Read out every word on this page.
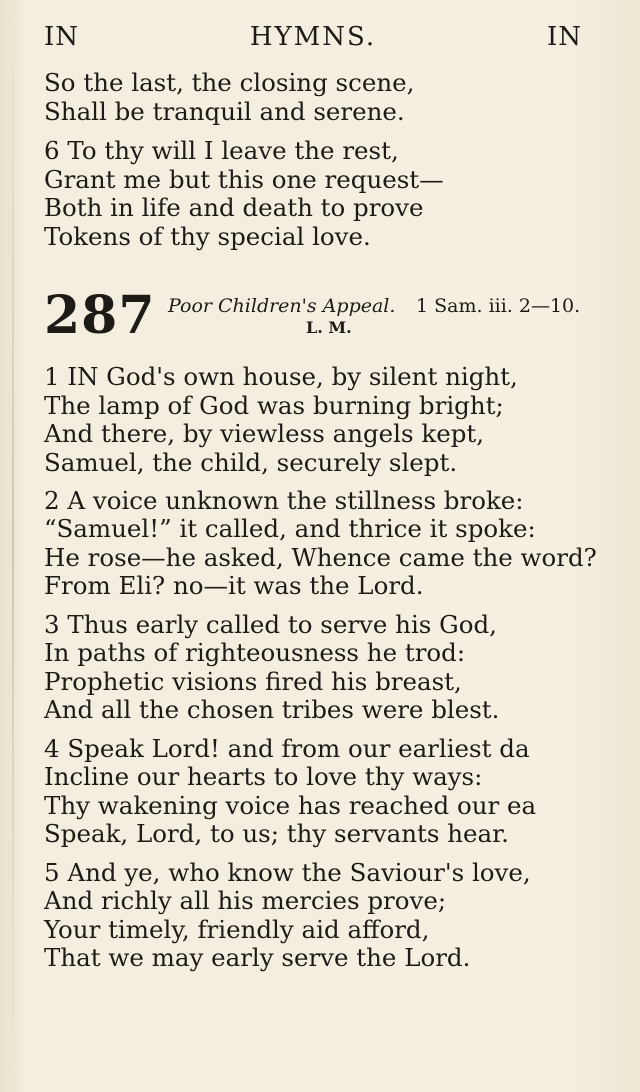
IN	HYMNS.	IN
So the last, the closing scene,
Shall be tranquil and serene.
6 To thy will I leave the rest,
Grant me but this one request—
Both in life and death to prove
Tokens of thy special love.
287 Poor Children's Appeal. 1 Sam. iii. 2—10.
L. M.
1 IN God's own house, by silent night,
The lamp of God was burning bright;
And there, by viewless angels kept,
Samuel, the child, securely slept.
2 A voice unknown the stillness broke:
“Samuel!” it called, and thrice it spoke:
He rose—he asked, Whence came the word?
From Eli? no—it was the Lord.
3 Thus early called to serve his God,
In paths of righteousness he trod:
Prophetic visions fired his breast,
And all the chosen tribes were blest.
4 Speak Lord! and from our earliest da
Incline our hearts to love thy ways:
Thy wakening voice has reached our ea
Speak, Lord, to us; thy servants hear.
5 And ye, who know the Saviour's love,
And richly all his mercies prove;
Your timely, friendly aid afford,
That we may early serve the Lord.
